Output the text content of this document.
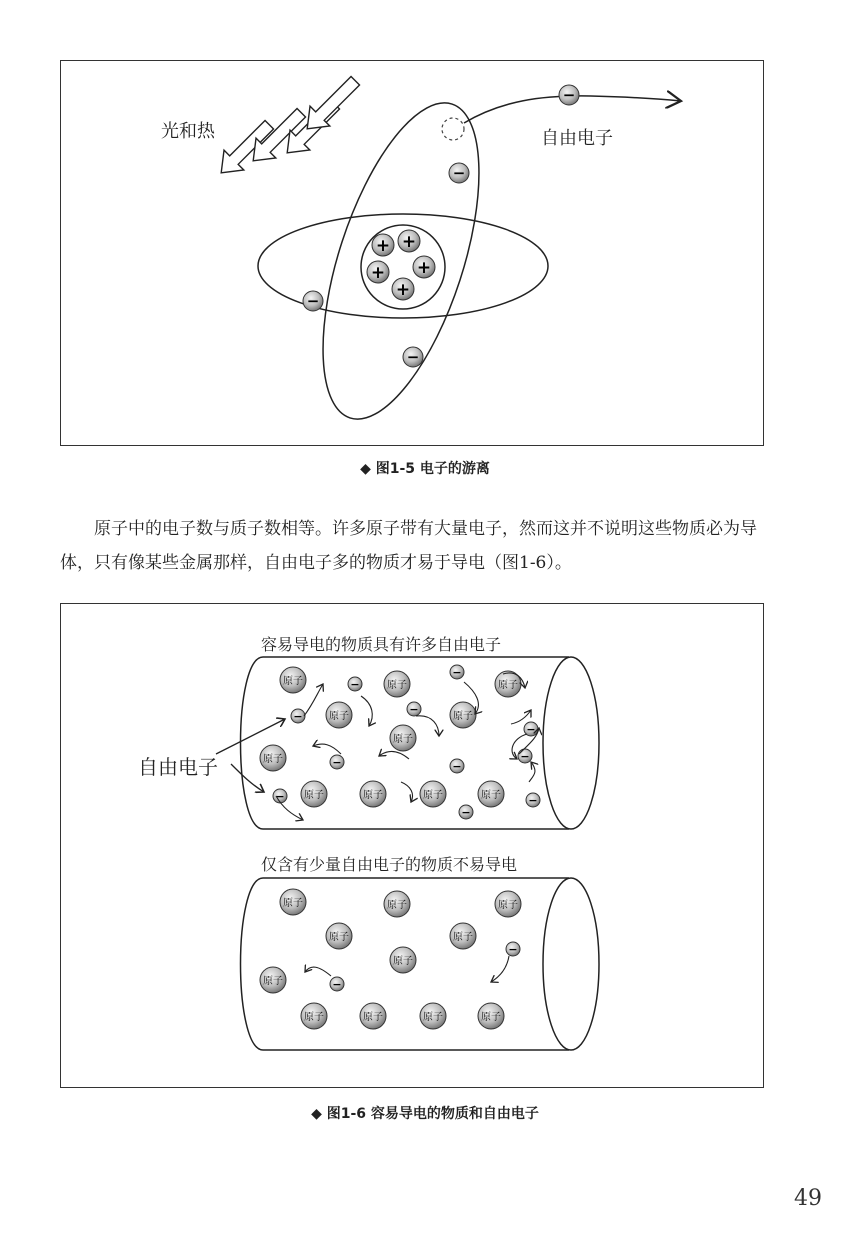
光和热
+ +
+ +
+
−
−
−
−
自由电子
◆ 图1-5 电子的游离
原子中的电子数与质子数相等。许多原子带有大量电子，然而这并不说明这些物质必为导体，只有像某些金属那样，自由电子多的物质才易于导电（图1-6）。
容易导电的物质具有许多自由电子
原子
原子
原子
原子
原子
原子
原子
原子	原子	原子	原子
−
−
−
−
−
−
−
−
−
−
−
自由电子
仅含有少量自由电子的物质不易导电
原子
原子
原子
原子
原子
原子
原子
原子	原子	原子	原子
−
−
◆ 图1-6 容易导电的物质和自由电子
49
